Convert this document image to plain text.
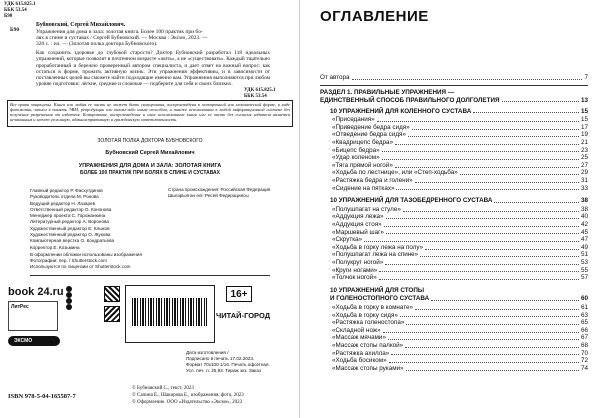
УДК 615.825.1
ББК 53.54
Б90
Б90
Бубновский, Сергей Михайлович.
Упражнения для дома и зала: золотая книга. Более 100 практик при бо-
лях в спине и суставах / Сергей Бубновский. — Москва : Эксмо, 2023. —
320 с. : ил. — (Золотая полка доктора Бубновского).
Как сохранить здоровье до глубокой старости? Доктор Бубновский разработал 118 идеальных упражнений, которые позволят в почтенном возрасте «жить», а не «существовать». Каждый тщательно проработанный и бережно проверенный автором специалиста, и дает ответ на важный вопрос: как остаться в форме, прожить активную жизнь. Эти упражнения эффективны, и в зависимости от поставленных целей вы сможете найти подходящие именно вам. Упражнения выполняются при любом уровне подготовки: лёгкие, средние и сложные — подберите для себя и своих близких.
УДК 615.825.1
ББК 53.54
Все права защищены. Книга или любая ее часть не может быть скопирована, воспроизведена в электронной или механической форме, в виде фотокопии, записи в память ЭВМ, репродукции или каким-либо иным способом, а также использована в любой информационной системе без получения разрешения от издателя. Копирование, воспроизведение и иное использование книги или ее части без согласия издателя является незаконным и влечет уголовную, административную и гражданскую ответственность.
ЗОЛОТАЯ ПОЛКА ДОКТОРА БУБНОВСКОГО
Бубновский Сергей Михайлович
УПРАЖНЕНИЯ ДЛЯ ДОМА И ЗАЛА: ЗОЛОТАЯ КНИГА
БОЛЕЕ 100 ПРАКТИК ПРИ БОЛЯХ В СПИНЕ И СУСТАВАХ
Главный редактор Р. Фасхутдинов
Руководитель отдела М. Ронова
Ведущий редактор Н. Лазарев
Ответственный редактор О. Кононова
Менеджер проекта С. Горожанкина
Литературный редактор А. Воронова
Художественный редактор Е. Клыков
Художественный редактор О. Жукова
Компьютерная верстка О. Кондратьева
Корректор Е. Козьмина
Страна происхождения: Российская Федерация
Шығарылған елі: Ресей Федерациясы
В оформлении обложки использованы изображения
Фотографии: пер. / Shutterstock.com
Используются по лицензии от Shutterstock.com
book 24.ru
ЛитРес
ЭКСМО
16+
ЧИТАЙ-ГОРОД
Дата изготовления /
Подписано в печать 17.02.2023.
Формат 70х100 1/16. Печать офсетная.
Усл. печ. л. 25,93. Тираж экз. Заказ
ISBN 978-5-04-165587-7
© Бубновский С., текст, 2023
© Сапина Е., Шакирова Е., изображения, фото, 2023
© Оформление. ООО «Издательство «Эксмо», 2023
ОГЛАВЛЕНИЕ
От автора	7
РАЗДЕЛ 1. ПРАВИЛЬНЫЕ УПРАЖНЕНИЯ —
ЕДИНСТВЕННЫЙ СПОСОБ ПРАВИЛЬНОГО ДОЛГОЛЕТИЯ	13
10 УПРАЖНЕНИЙ ДЛЯ КОЛЕННОГО СУСТАВА	15
«Приседания»	15
«Приведение бедра сидя»	17
«Отведение бедра сидя»	19
«Квадрицепс бедра»	21
«Бицепс бедра»	23
«Удар коленом»	25
«Тяга прямой ногой»	27
«Ходьба по лестнице», или «Степ-ходьба»	29
«Растяжка бедра и голени»	31
«Сидение на пятках»	33
10 УПРАЖНЕНИЙ ДЛЯ ТАЗОБЕДРЕННОГО СУСТАВА	38
«Полушпагат на стуле»	38
«Аддукция лежа»	40
«Аддукция стоя»	42
«Маршевый шаг»	45
«Скрутка»	47
«Ходьба в горку лежа на полу»	49
«Полушпагат лежа на спине»	51
«Полукруг ногой»	53
«Круги ногами»	55
«Толчок ногой»	57
10 УПРАЖНЕНИЙ ДЛЯ СТОПЫ
И ГОЛЕНОСТОПНОГО СУСТАВА	60
«Ходьба в горку в комнате»	61
«Ходьба в горку сидя»	63
«Растяжка голеностопа»	65
«Складной нож»	66
«Массаж мячами»	67
«Массаж стопы палкой»	68
«Растяжка ахилла»	70
«Ходьба босиком»	72
«Массаж стопы руками»	74
